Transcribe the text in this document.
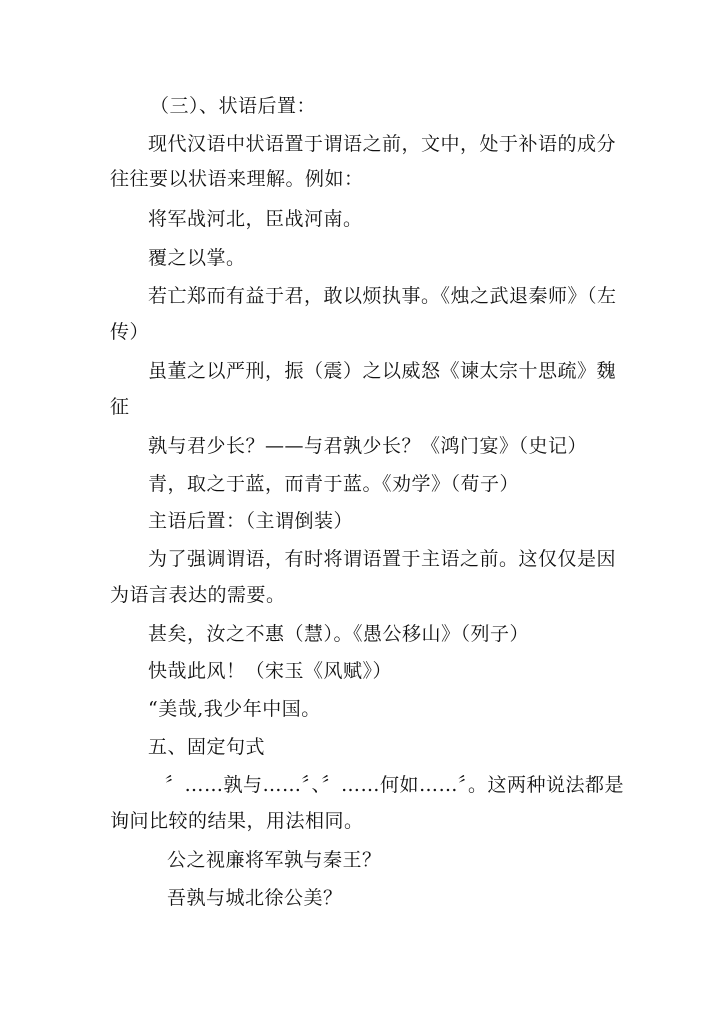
（三）、状语后置：
现代汉语中状语置于谓语之前，文中，处于补语的成分
往往要以状语来理解。例如：
将军战河北，臣战河南。
覆之以掌。
若亡郑而有益于君，敢以烦执事。《烛之武退秦师》（左
传）
虽董之以严刑，振（震）之以威怒《谏太宗十思疏》魏
征
孰与君少长？——与君孰少长？《鸿门宴》（史记）
青，取之于蓝，而青于蓝。《劝学》（荀子）
主语后置：（主谓倒装）
为了强调谓语，有时将谓语置于主语之前。这仅仅是因
为语言表达的需要。
甚矣，汝之不惠（慧）。《愚公移山》（列子）
快哉此风！（宋玉《风赋》）
“美哉,我少年中国。
五、固定句式
〞……孰与……〞、〞……何如……〞。这两种说法都是
询问比较的结果，用法相同。
公之视廉将军孰与秦王？
吾孰与城北徐公美？
